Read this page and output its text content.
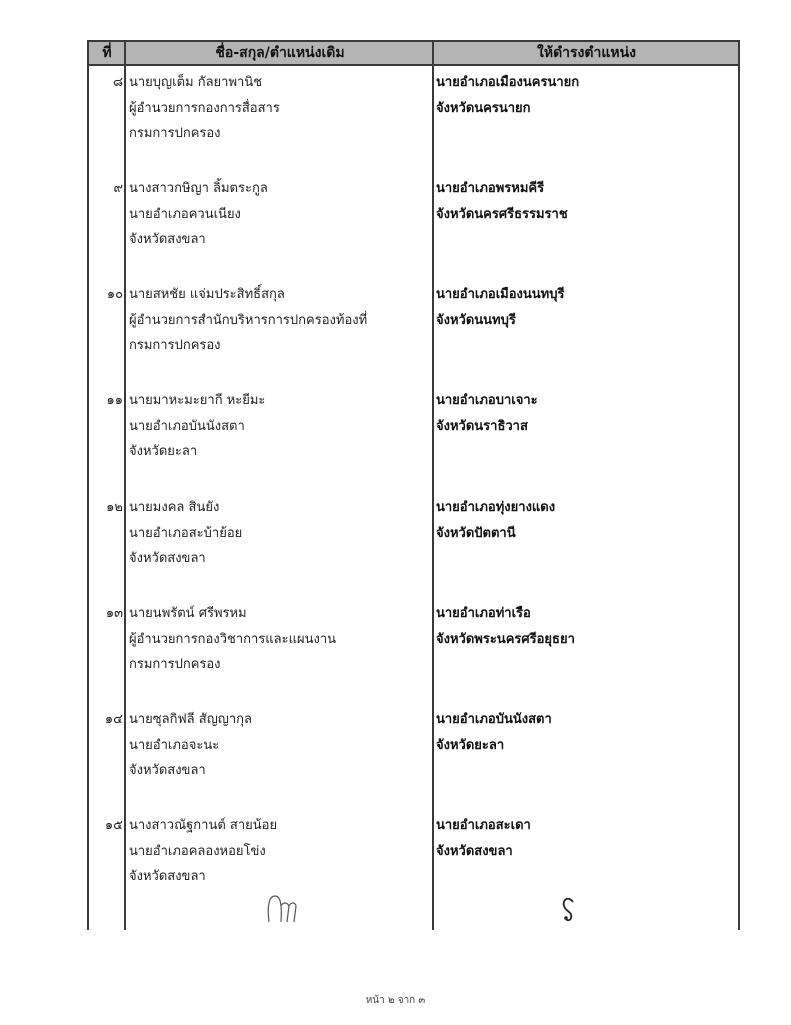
ที่	ชื่อ-สกุล/ตำแหน่งเดิม	ให้ดำรงตำแหน่ง
๘ นายบุญเต็ม กัลยาพานิช
ผู้อำนวยการกองการสื่อสาร
กรมการปกครอง
นายอำเภอเมืองนครนายก
จังหวัดนครนายก
๙ นางสาวกษิญา ลิ้มตระกูล
นายอำเภอควนเนียง
จังหวัดสงขลา
นายอำเภอพรหมคีรี
จังหวัดนครศรีธรรมราช
๑๐ นายสหชัย แจ่มประสิทธิ์สกุล
ผู้อำนวยการสำนักบริหารการปกครองท้องที่
กรมการปกครอง
นายอำเภอเมืองนนทบุรี
จังหวัดนนทบุรี
๑๑ นายมาหะมะยากี หะยีมะ
นายอำเภอบันนังสตา
จังหวัดยะลา
นายอำเภอบาเจาะ
จังหวัดนราธิวาส
๑๒ นายมงคล สินยัง
นายอำเภอสะบ้าย้อย
จังหวัดสงขลา
นายอำเภอทุ่งยางแดง
จังหวัดปัตตานี
๑๓ นายนพรัตน์ ศรีพรหม
ผู้อำนวยการกองวิชาการและแผนงาน
กรมการปกครอง
นายอำเภอท่าเรือ
จังหวัดพระนครศรีอยุธยา
๑๔ นายซุลกิฟลี สัญญากุล
นายอำเภอจะนะ
จังหวัดสงขลา
นายอำเภอบันนังสตา
จังหวัดยะลา
๑๕ นางสาวณัฐกานต์ สายน้อย
นายอำเภอคลองหอยโข่ง
จังหวัดสงขลา
นายอำเภอสะเดา
จังหวัดสงขลา
หน้า ๒ จาก ๓
